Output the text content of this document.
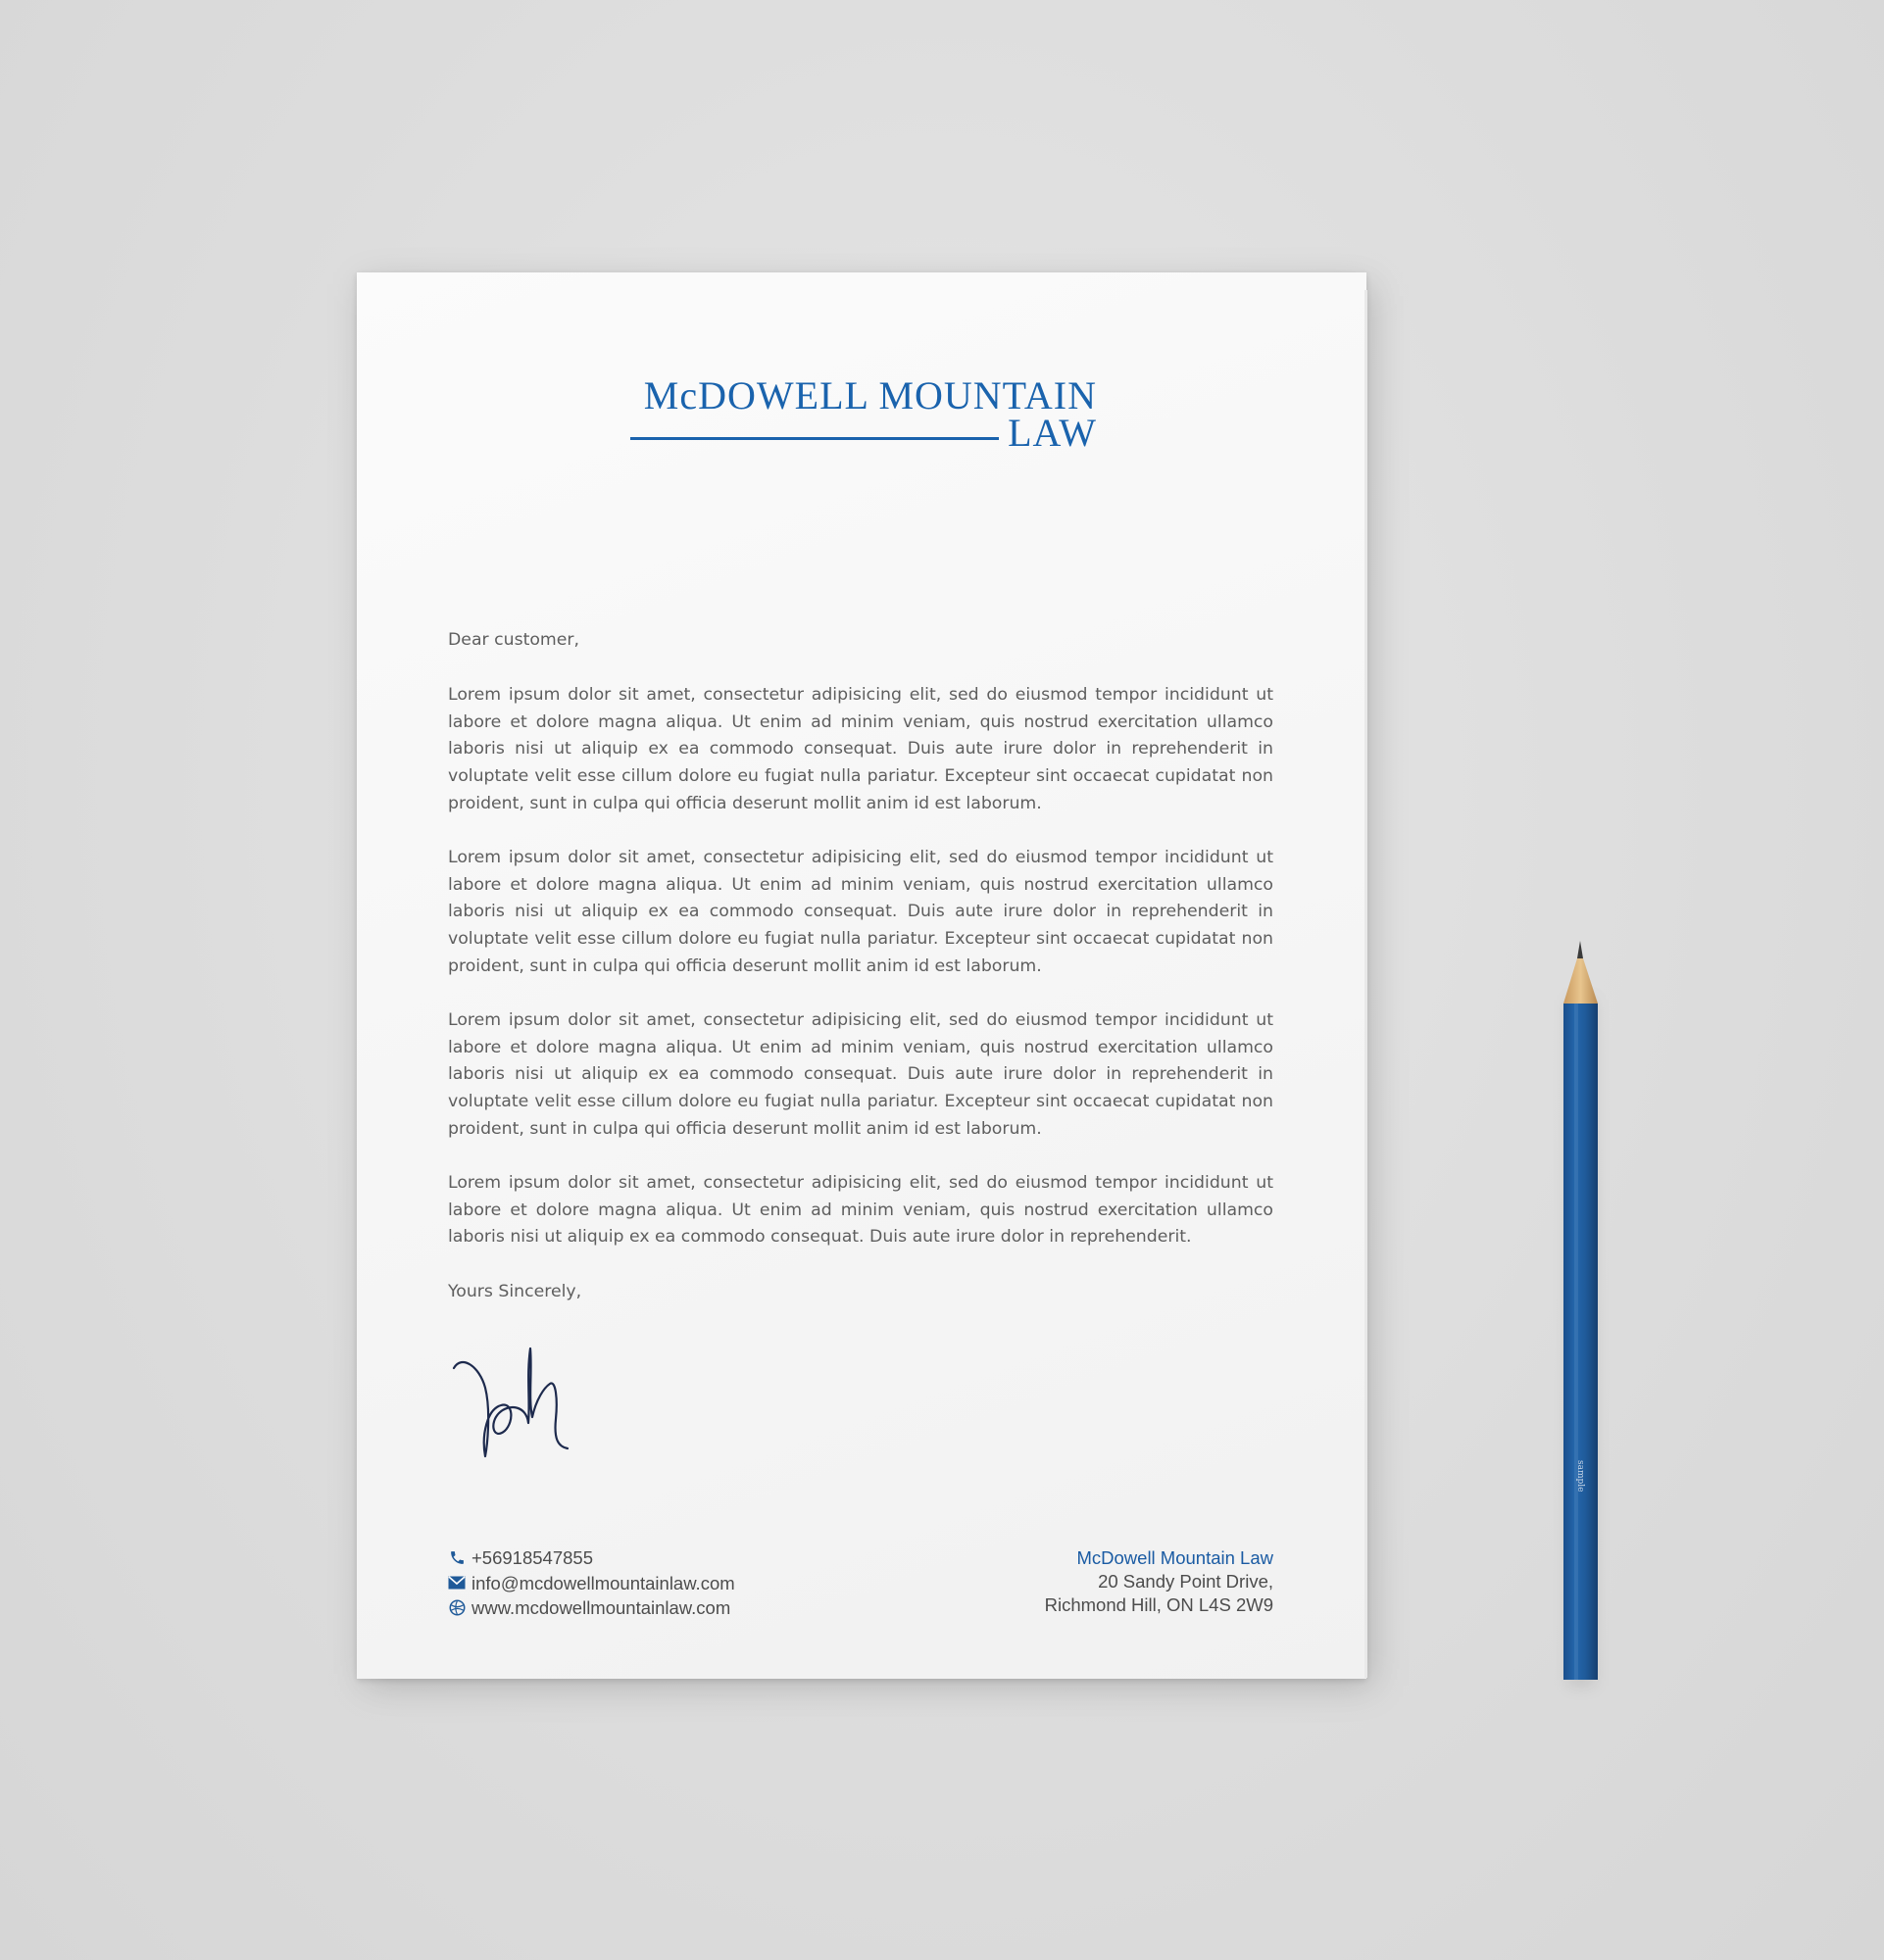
McDOWELL MOUNTAIN
LAW
Dear customer,
Lorem ipsum dolor sit amet, consectetur adipisicing elit, sed do eiusmod tempor incididunt ut labore et dolore magna aliqua. Ut enim ad minim veniam, quis nostrud exercitation ullamco laboris nisi ut aliquip ex ea commodo consequat. Duis aute irure dolor in reprehenderit in voluptate velit esse cillum dolore eu fugiat nulla pariatur. Excepteur sint occaecat cupidatat non proident, sunt in culpa qui officia deserunt mollit anim id est laborum.
Lorem ipsum dolor sit amet, consectetur adipisicing elit, sed do eiusmod tempor incididunt ut labore et dolore magna aliqua. Ut enim ad minim veniam, quis nostrud exercitation ullamco laboris nisi ut aliquip ex ea commodo consequat. Duis aute irure dolor in reprehenderit in voluptate velit esse cillum dolore eu fugiat nulla pariatur. Excepteur sint occaecat cupidatat non proident, sunt in culpa qui officia deserunt mollit anim id est laborum.
Lorem ipsum dolor sit amet, consectetur adipisicing elit, sed do eiusmod tempor incididunt ut labore et dolore magna aliqua. Ut enim ad minim veniam, quis nostrud exercitation ullamco laboris nisi ut aliquip ex ea commodo consequat. Duis aute irure dolor in reprehenderit in voluptate velit esse cillum dolore eu fugiat nulla pariatur. Excepteur sint occaecat cupidatat non proident, sunt in culpa qui officia deserunt mollit anim id est laborum.
Lorem ipsum dolor sit amet, consectetur adipisicing elit, sed do eiusmod tempor incididunt ut labore et dolore magna aliqua. Ut enim ad minim veniam, quis nostrud exercitation ullamco laboris nisi ut aliquip ex ea commodo consequat. Duis aute irure dolor in reprehenderit.
Yours Sincerely,
+56918547855
info@mcdowellmountainlaw.com
www.mcdowellmountainlaw.com
McDowell Mountain Law
20 Sandy Point Drive,
Richmond Hill, ON L4S 2W9
sample
